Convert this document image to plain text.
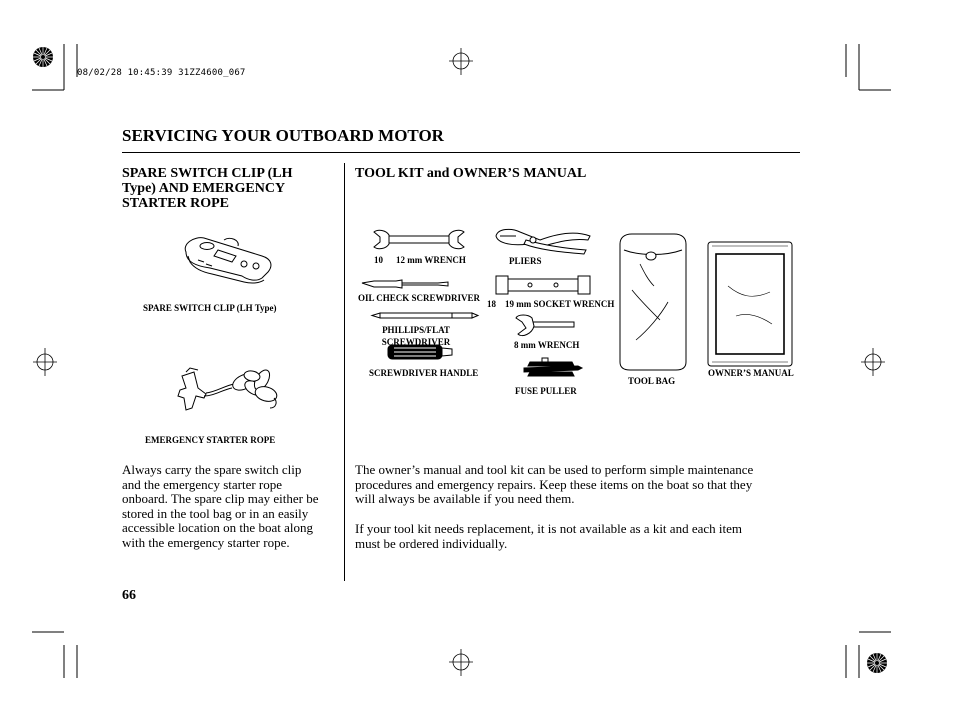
08/02/28 10:45:39 31ZZ4600_067
SERVICING YOUR OUTBOARD MOTOR
SPARE SWITCH CLIP (LH
Type) AND EMERGENCY
STARTER ROPE
SPARE SWITCH CLIP (LH Type)
EMERGENCY STARTER ROPE
Always carry the spare switch clip
and the emergency starter rope
onboard. The spare clip may either be
stored in the tool bag or in an easily
accessible location on the boat along
with the emergency starter rope.
TOOL KIT and OWNER’S MANUAL
10 12 mm WRENCH	PLIERS
OIL CHECK SCREWDRIVER
18 19 mm SOCKET WRENCH
PHILLIPS/FLAT
SCREWDRIVER	8 mm WRENCH
SCREWDRIVER HANDLE
FUSE PULLER
TOOL BAG
OWNER’S MANUAL
The owner’s manual and tool kit can be used to perform simple maintenance
procedures and emergency repairs. Keep these items on the boat so that they
will always be available if you need them.
If your tool kit needs replacement, it is not available as a kit and each item
must be ordered individually.
66
